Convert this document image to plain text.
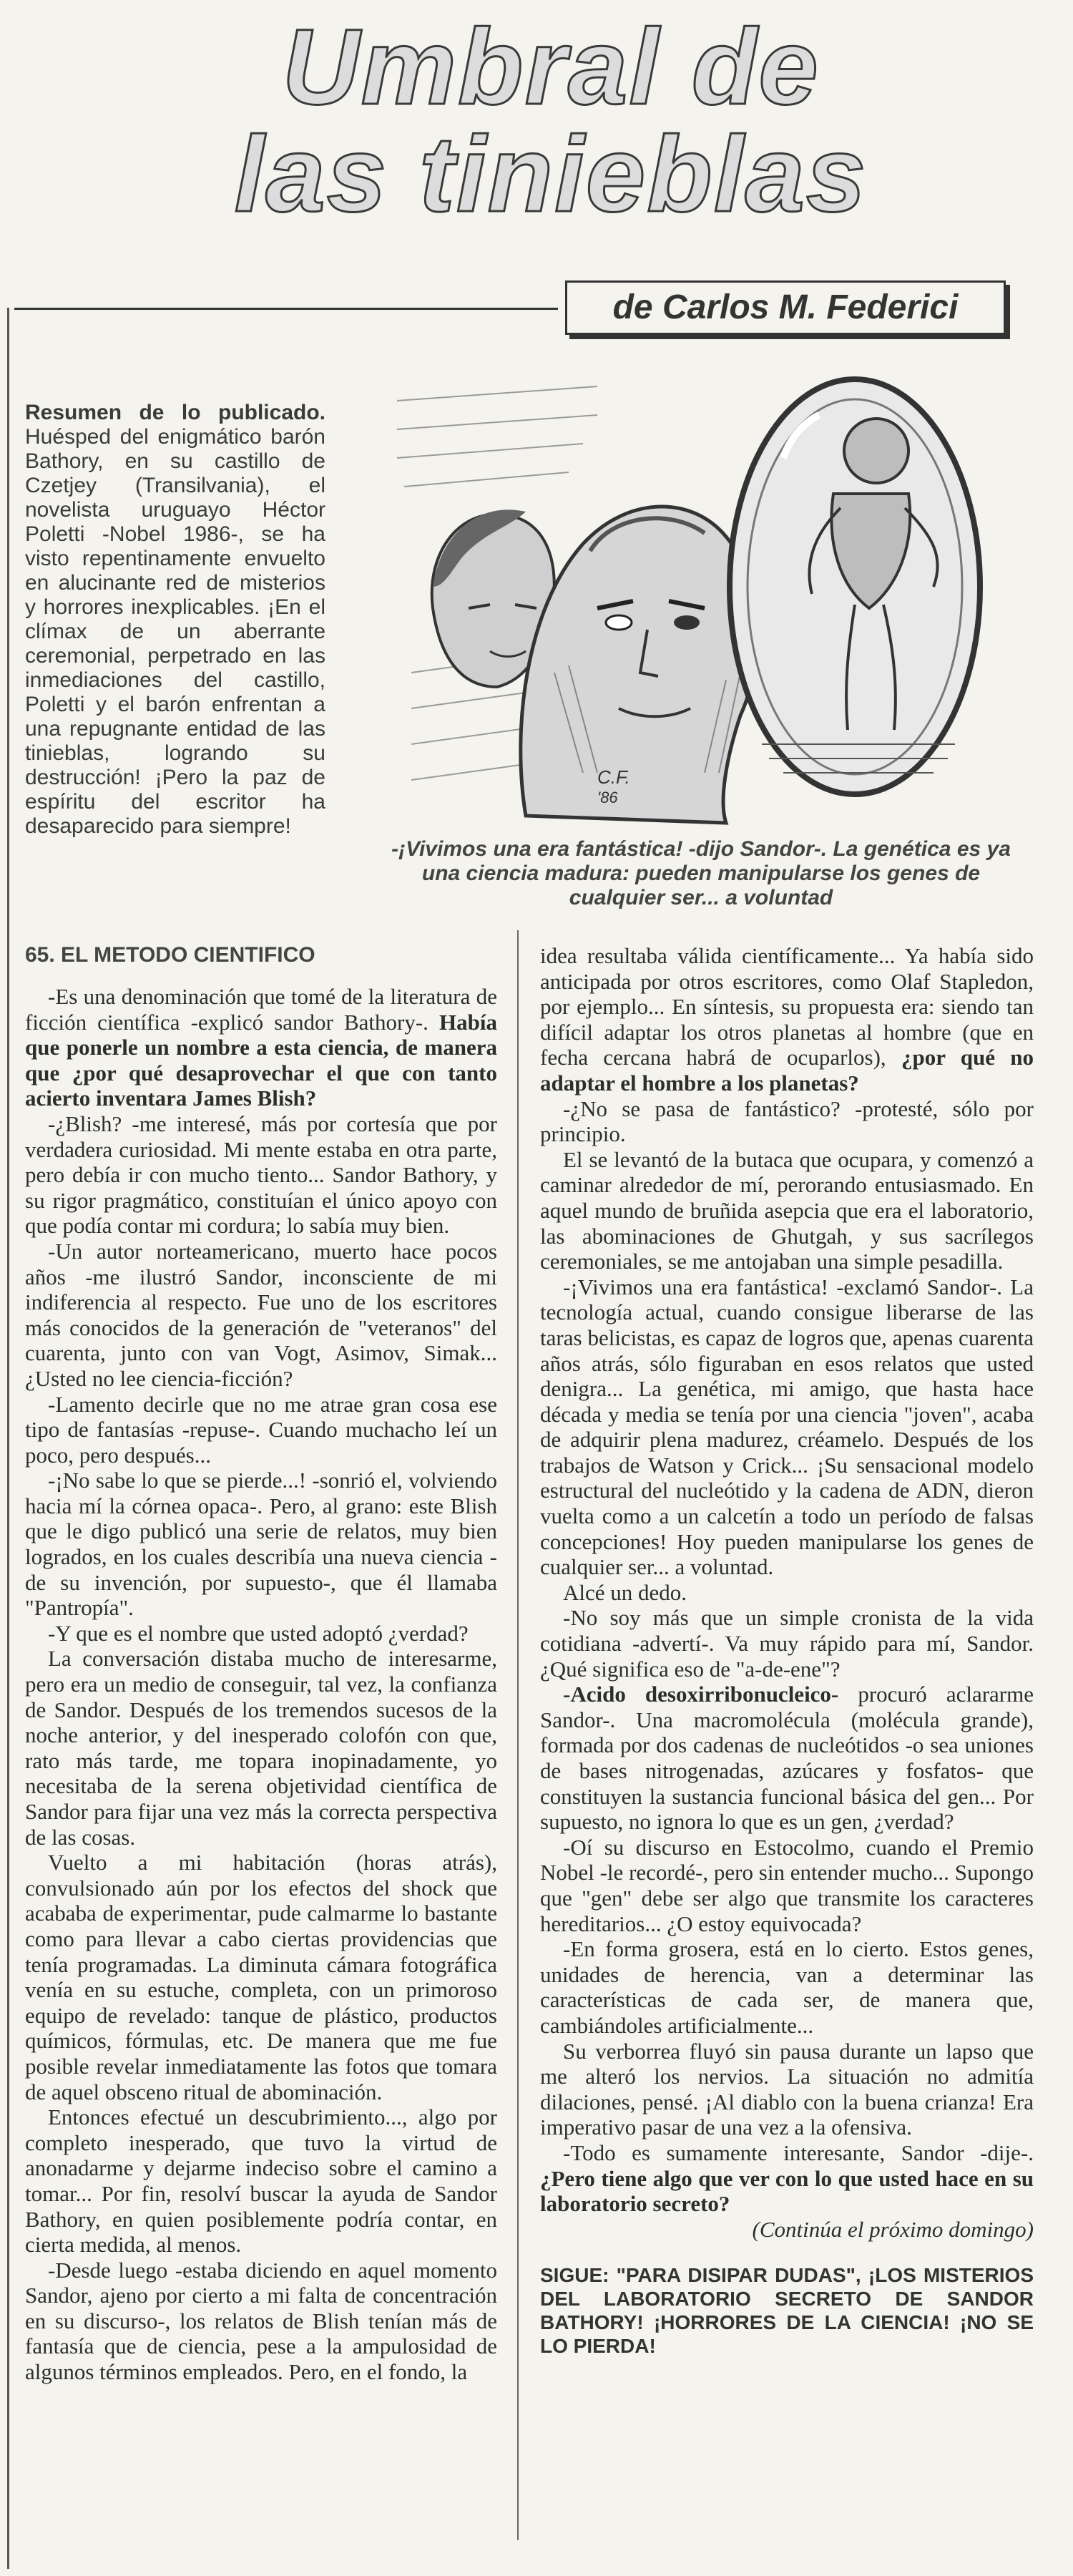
Umbral de
las tinieblas
de Carlos M. Federici
Resumen de lo publicado. Huésped del enigmático barón Bathory, en su castillo de Czetjey (Transilvania), el novelista uruguayo Héctor Poletti -Nobel 1986-, se ha visto repentinamente envuelto en alucinante red de misterios y horrores inexplicables. ¡En el clímax de un aberrante ceremonial, perpetrado en las inmediaciones del castillo, Poletti y el barón enfrentan a una repugnante entidad de las tinieblas, logrando su destrucción! ¡Pero la paz de espíritu del escritor ha desaparecido para siempre!
C.F.
'86
-¡Vivimos una era fantástica! -dijo Sandor-. La genética es ya una ciencia madura: pueden manipularse los genes de cualquier ser... a voluntad
65. EL METODO CIENTIFICO

-Es una denominación que tomé de la literatura de ficción científica -explicó sandor Bathory-. Había que ponerle un nombre a esta ciencia, de manera que ¿por qué desaprovechar el que con tanto acierto inventara James Blish?

-¿Blish? -me interesé, más por cortesía que por verdadera curiosidad. Mi mente estaba en otra parte, pero debía ir con mucho tiento... Sandor Bathory, y su rigor pragmático, constituían el único apoyo con que podía contar mi cordura; lo sabía muy bien.

-Un autor norteamericano, muerto hace pocos años -me ilustró Sandor, inconsciente de mi indiferencia al respecto. Fue uno de los escritores más conocidos de la generación de "veteranos" del cuarenta, junto con van Vogt, Asimov, Simak... ¿Usted no lee ciencia-ficción?

-Lamento decirle que no me atrae gran cosa ese tipo de fantasías -repuse-. Cuando muchacho leí un poco, pero después...

-¡No sabe lo que se pierde...! -sonrió el, volviendo hacia mí la córnea opaca-. Pero, al grano: este Blish que le digo publicó una serie de relatos, muy bien logrados, en los cuales describía una nueva ciencia -de su invención, por supuesto-, que él llamaba "Pantropía".

-Y que es el nombre que usted adoptó ¿verdad?

La conversación distaba mucho de interesarme, pero era un medio de conseguir, tal vez, la confianza de Sandor. Después de los tremendos sucesos de la noche anterior, y del inesperado colofón con que, rato más tarde, me topara inopinadamente, yo necesitaba de la serena objetividad científica de Sandor para fijar una vez más la correcta perspectiva de las cosas.

Vuelto a mi habitación (horas atrás), convulsionado aún por los efectos del shock que acababa de experimentar, pude calmarme lo bastante como para llevar a cabo ciertas providencias que tenía programadas. La diminuta cámara fotográfica venía en su estuche, completa, con un primoroso equipo de revelado: tanque de plástico, productos químicos, fórmulas, etc. De manera que me fue posible revelar inmediatamente las fotos que tomara de aquel obsceno ritual de abominación.

Entonces efectué un descubrimiento..., algo por completo inesperado, que tuvo la virtud de anonadarme y dejarme indeciso sobre el camino a tomar... Por fin, resolví buscar la ayuda de Sandor Bathory, en quien posiblemente podría contar, en cierta medida, al menos.

-Desde luego -estaba diciendo en aquel momento Sandor, ajeno por cierto a mi falta de concentración en su discurso-, los relatos de Blish tenían más de fantasía que de ciencia, pese a la ampulosidad de algunos términos empleados. Pero, en el fondo, la

idea resultaba válida científicamente... Ya había sido anticipada por otros escritores, como Olaf Stapledon, por ejemplo... En síntesis, su propuesta era: siendo tan difícil adaptar los otros planetas al hombre (que en fecha cercana habrá de ocuparlos), ¿por qué no adaptar el hombre a los planetas?

-¿No se pasa de fantástico? -protesté, sólo por principio.

El se levantó de la butaca que ocupara, y comenzó a caminar alrededor de mí, perorando entusiasmado. En aquel mundo de bruñida asepcia que era el laboratorio, las abominaciones de Ghutgah, y sus sacrílegos ceremoniales, se me antojaban una simple pesadilla.

-¡Vivimos una era fantástica! -exclamó Sandor-. La tecnología actual, cuando consigue liberarse de las taras belicistas, es capaz de logros que, apenas cuarenta años atrás, sólo figuraban en esos relatos que usted denigra... La genética, mi amigo, que hasta hace década y media se tenía por una ciencia "joven", acaba de adquirir plena madurez, créamelo. Después de los trabajos de Watson y Crick... ¡Su sensacional modelo estructural del nucleótido y la cadena de ADN, dieron vuelta como a un calcetín a todo un período de falsas concepciones! Hoy pueden manipularse los genes de cualquier ser... a voluntad.

Alcé un dedo.

-No soy más que un simple cronista de la vida cotidiana -advertí-. Va muy rápido para mí, Sandor. ¿Qué significa eso de "a-de-ene"?

-Acido desoxirribonucleico- procuró aclararme Sandor-. Una macromolécula (molécula grande), formada por dos cadenas de nucleótidos -o sea uniones de bases nitrogenadas, azúcares y fosfatos- que constituyen la sustancia funcional básica del gen... Por supuesto, no ignora lo que es un gen, ¿verdad?

-Oí su discurso en Estocolmo, cuando el Premio Nobel -le recordé-, pero sin entender mucho... Supongo que "gen" debe ser algo que transmite los caracteres hereditarios... ¿O estoy equivocada?

-En forma grosera, está en lo cierto. Estos genes, unidades de herencia, van a determinar las características de cada ser, de manera que, cambiándoles artificialmente...

Su verborrea fluyó sin pausa durante un lapso que me alteró los nervios. La situación no admitía dilaciones, pensé. ¡Al diablo con la buena crianza! Era imperativo pasar de una vez a la ofensiva.

-Todo es sumamente interesante, Sandor -dije-. ¿Pero tiene algo que ver con lo que usted hace en su laboratorio secreto?

(Continúa el próximo domingo)

SIGUE: "PARA DISIPAR DUDAS", ¡LOS MISTERIOS DEL LABORATORIO SECRETO DE SANDOR BATHORY! ¡HORRORES DE LA CIENCIA! ¡NO SE LO PIERDA!
